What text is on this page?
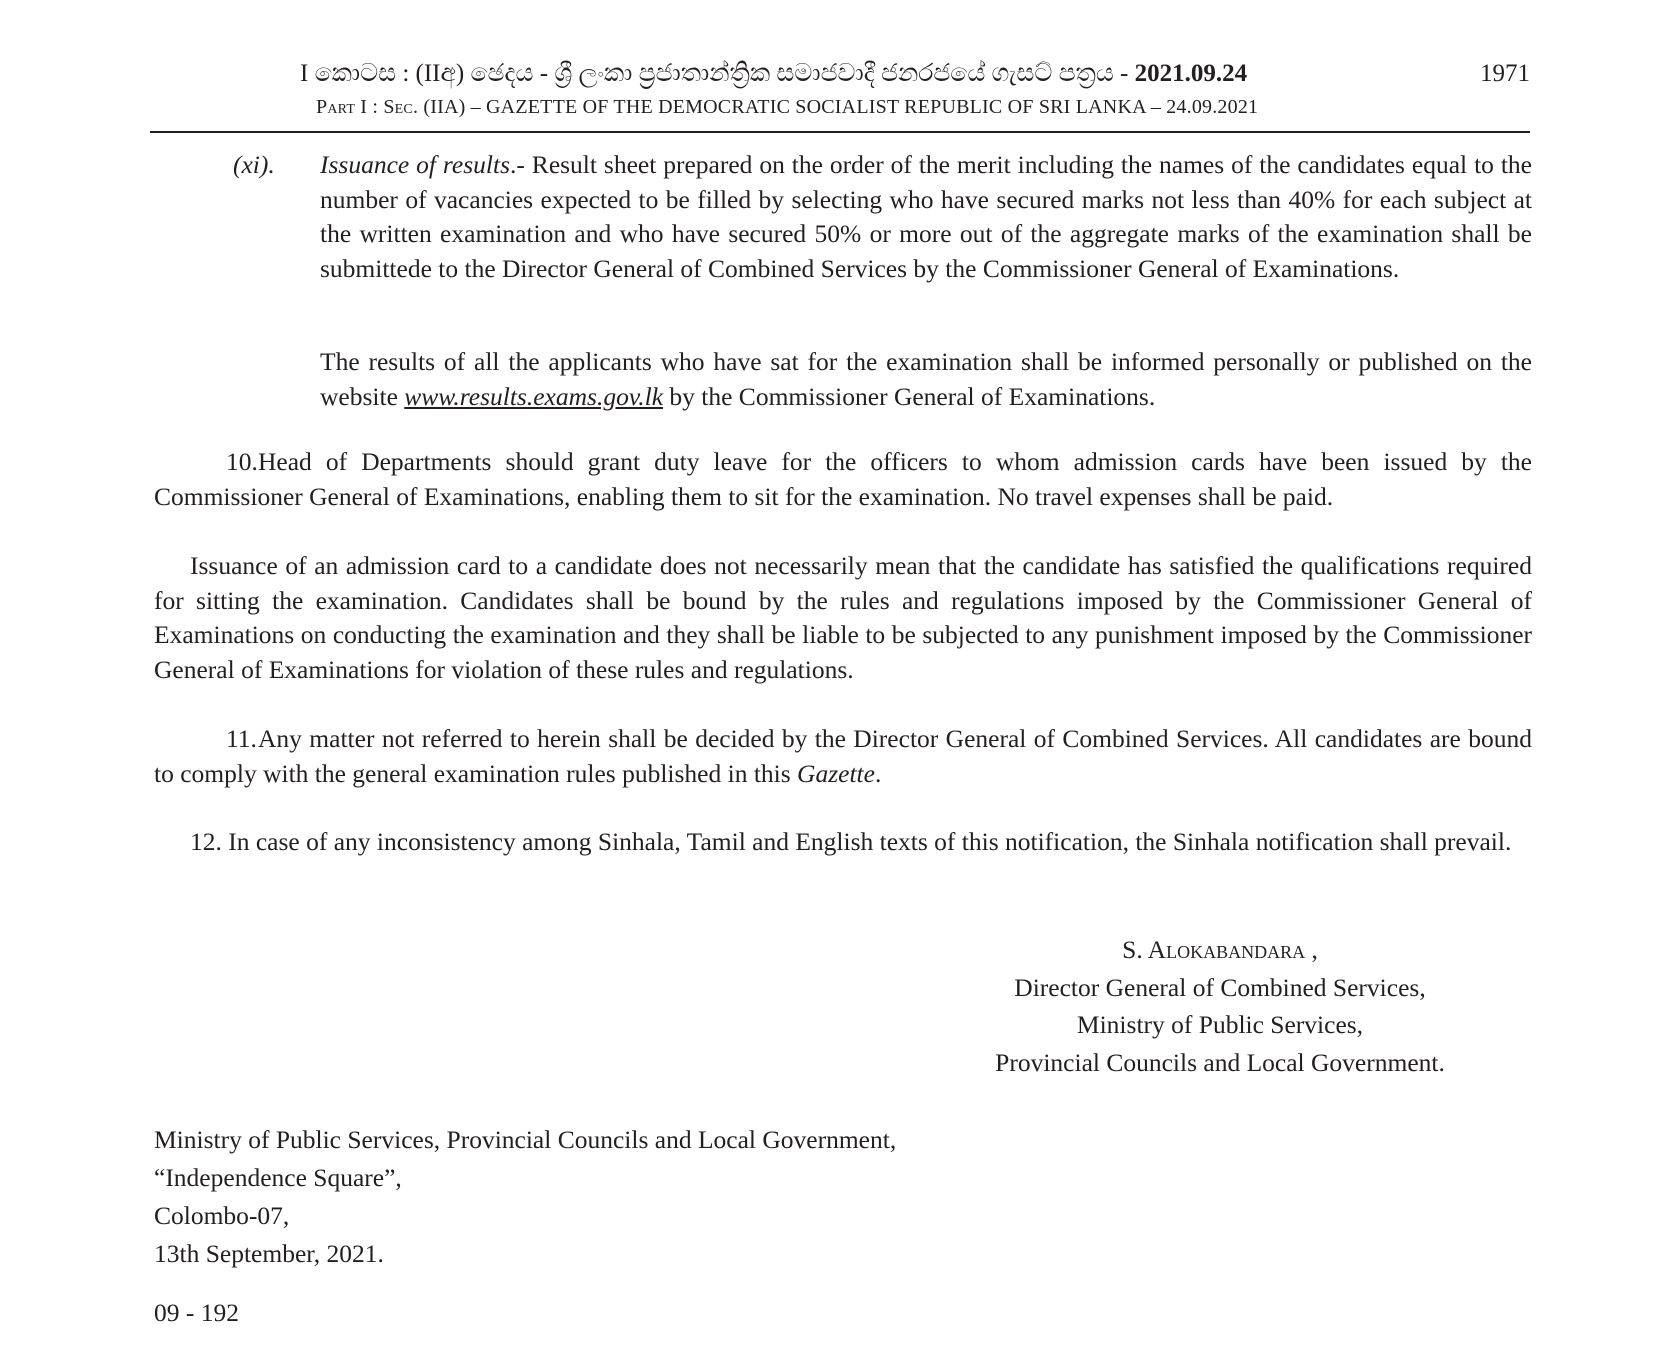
I කොටස : (IIඅ) ඡෙදය - ශ්‍රී ලංකා ප්‍රජාතාන්ත්‍රික සමාජවාදී ජනරජයේ ගැසට් පත්‍රය - 2021.09.24	1971
Part I : Sec. (IIA) – GAZETTE OF THE DEMOCRATIC SOCIALIST REPUBLIC OF SRI LANKA – 24.09.2021
(xi). Issuance of results.- Result sheet prepared on the order of the merit including the names of the candidates equal to the number of vacancies expected to be filled by selecting who have secured marks not less than 40% for each subject at the written examination and who have secured 50% or more out of the aggregate marks of the examination shall be submittede to the Director General of Combined Services by the Commissioner General of Examinations.

The results of all the applicants who have sat for the examination shall be informed personally or published on the website www.results.exams.gov.lk by the Commissioner General of Examinations.

10.Head of Departments should grant duty leave for the officers to whom admission cards have been issued by the Commissioner General of Examinations, enabling them to sit for the examination. No travel expenses shall be paid.

Issuance of an admission card to a candidate does not necessarily mean that the candidate has satisfied the qualifications required for sitting the examination. Candidates shall be bound by the rules and regulations imposed by the Commissioner General of Examinations on conducting the examination and they shall be liable to be subjected to any punishment imposed by the Commissioner General of Examinations for violation of these rules and regulations.

11.Any matter not referred to herein shall be decided by the Director General of Combined Services. All candidates are bound to comply with the general examination rules published in this Gazette.

12. In case of any inconsistency among Sinhala, Tamil and English texts of this notification, the Sinhala notification shall prevail.

S. Alokabandara ,
Director General of Combined Services,
Ministry of Public Services,
Provincial Councils and Local Government.
Ministry of Public Services, Provincial Councils and Local Government,
“Independence Square”,
Colombo-07,
13th September, 2021.
09 - 192
